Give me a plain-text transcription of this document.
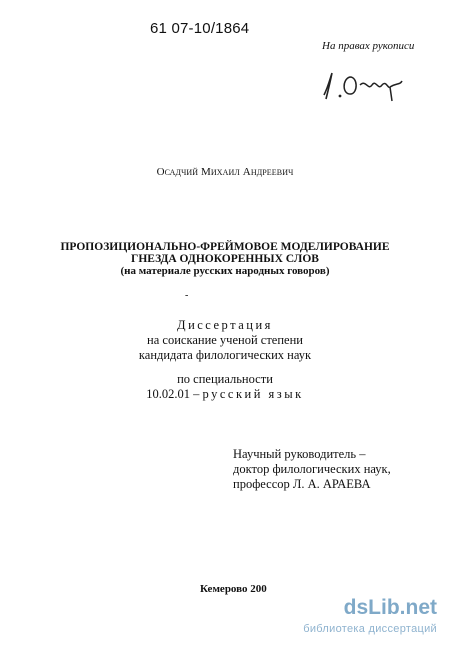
61 07-10/1864
На правах рукописи
Осадчий Михаил Андреевич
ПРОПОЗИЦИОНАЛЬНО-ФРЕЙМОВОЕ МОДЕЛИРОВАНИЕ
ГНЕЗДА ОДНОКОРЕННЫХ СЛОВ
(на материале русских народных говоров)
-
Диссертация
на соискание ученой степени
кандидата филологических наук
по специальности
10.02.01 – русский язык
Научный руководитель –
доктор филологических наук,
профессор Л. А. АРАЕВА
Кемерово 200
dsLib.net
библиотека диссертаций
